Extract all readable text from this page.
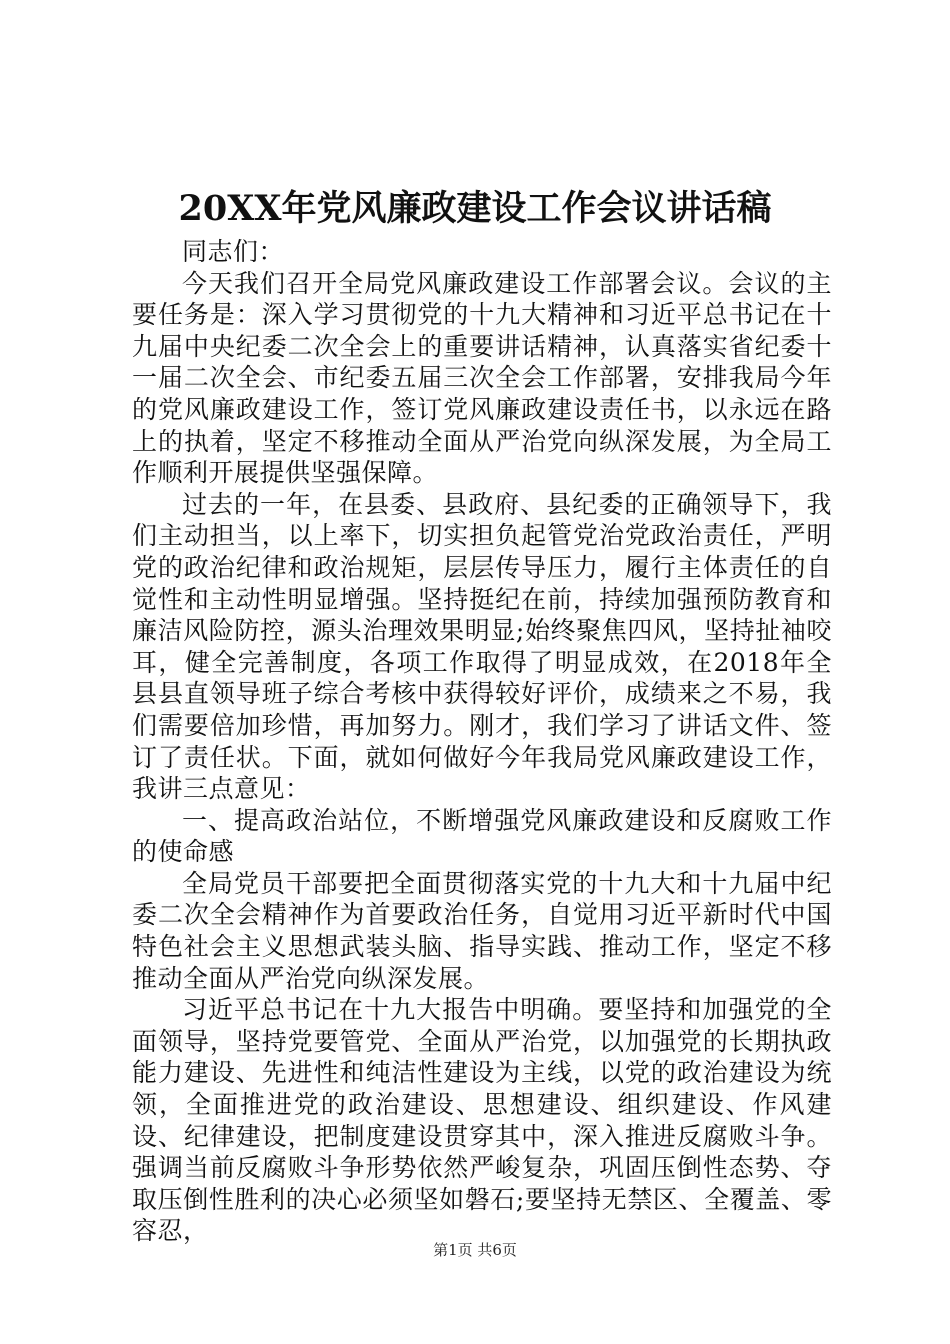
20XX年党风廉政建设工作会议讲话稿

同志们：

今天我们召开全局党风廉政建设工作部署会议。会议的主要任务是：深入学习贯彻党的十九大精神和习近平总书记在十九届中央纪委二次全会上的重要讲话精神，认真落实省纪委十一届二次全会、市纪委五届三次全会工作部署，安排我局今年的党风廉政建设工作，签订党风廉政建设责任书，以永远在路上的执着，坚定不移推动全面从严治党向纵深发展，为全局工作顺利开展提供坚强保障。

过去的一年，在县委、县政府、县纪委的正确领导下，我们主动担当，以上率下，切实担负起管党治党政治责任，严明党的政治纪律和政治规矩，层层传导压力，履行主体责任的自觉性和主动性明显增强。坚持挺纪在前，持续加强预防教育和廉洁风险防控，源头治理效果明显;始终聚焦四风，坚持扯袖咬耳，健全完善制度，各项工作取得了明显成效，在2018年全县县直领导班子综合考核中获得较好评价，成绩来之不易，我们需要倍加珍惜，再加努力。刚才，我们学习了讲话文件、签订了责任状。下面，就如何做好今年我局党风廉政建设工作，我讲三点意见：

一、提高政治站位，不断增强党风廉政建设和反腐败工作的使命感

全局党员干部要把全面贯彻落实党的十九大和十九届中纪委二次全会精神作为首要政治任务，自觉用习近平新时代中国特色社会主义思想武装头脑、指导实践、推动工作，坚定不移推动全面从严治党向纵深发展。

习近平总书记在十九大报告中明确。要坚持和加强党的全面领导，坚持党要管党、全面从严治党，以加强党的长期执政能力建设、先进性和纯洁性建设为主线，以党的政治建设为统领，全面推进党的政治建设、思想建设、组织建设、作风建设、纪律建设，把制度建设贯穿其中，深入推进反腐败斗争。强调当前反腐败斗争形势依然严峻复杂，巩固压倒性态势、夺取压倒性胜利的决心必须坚如磐石;要坚持无禁区、全覆盖、零容忍，

第1页 共6页
